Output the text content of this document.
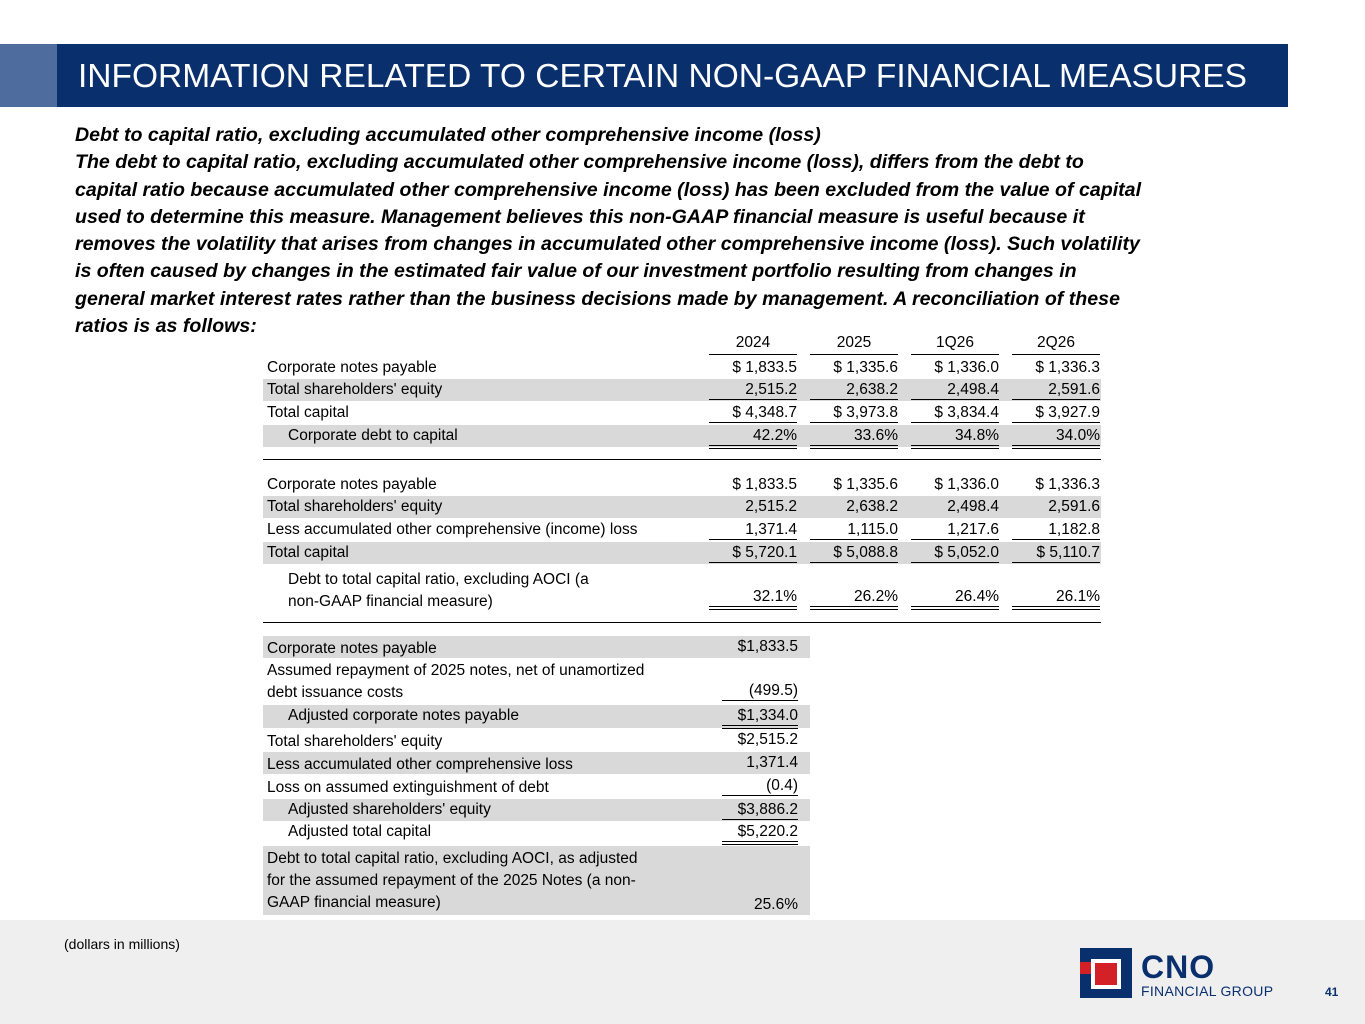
INFORMATION RELATED TO CERTAIN NON-GAAP FINANCIAL MEASURES
Debt to capital ratio, excluding accumulated other comprehensive income (loss)
The debt to capital ratio, excluding accumulated other comprehensive income (loss), differs from the debt to
capital ratio because accumulated other comprehensive income (loss) has been excluded from the value of capital
used to determine this measure. Management believes this non-GAAP financial measure is useful because it
removes the volatility that arises from changes in accumulated other comprehensive income (loss). Such volatility
is often caused by changes in the estimated fair value of our investment portfolio resulting from changes in
general market interest rates rather than the business decisions made by management. A reconciliation of these
ratios is as follows:
2024	2025	1Q26	2Q26
Corporate notes payable	$ 1,833.5	$ 1,335.6	$ 1,336.0	$ 1,336.3
Total shareholders' equity	2,515.2	2,638.2	2,498.4	2,591.6
Total capital	$ 4,348.7	$ 3,973.8	$ 3,834.4	$ 3,927.9
Corporate debt to capital	42.2%	33.6%	34.8%	34.0%
Corporate notes payable	$ 1,833.5	$ 1,335.6	$ 1,336.0	$ 1,336.3
Total shareholders' equity	2,515.2	2,638.2	2,498.4	2,591.6
Less accumulated other comprehensive (income) loss	1,371.4	1,115.0	1,217.6	1,182.8
Total capital	$ 5,720.1	$ 5,088.8	$ 5,052.0	$ 5,110.7
Debt to total capital ratio, excluding AOCI (a
non-GAAP financial measure)	32.1%	26.2%	26.4%	26.1%
Corporate notes payable	$1,833.5
Assumed repayment of 2025 notes, net of unamortized
debt issuance costs	(499.5)
Adjusted corporate notes payable	$1,334.0
Total shareholders' equity	$2,515.2
Less accumulated other comprehensive loss	1,371.4
Loss on assumed extinguishment of debt	(0.4)
Adjusted shareholders' equity	$3,886.2
Adjusted total capital	$5,220.2
Debt to total capital ratio, excluding AOCI, as adjusted
for the assumed repayment of the 2025 Notes (a non-
GAAP financial measure)	25.6%
(dollars in millions)
CNO
FINANCIAL GROUP	41
